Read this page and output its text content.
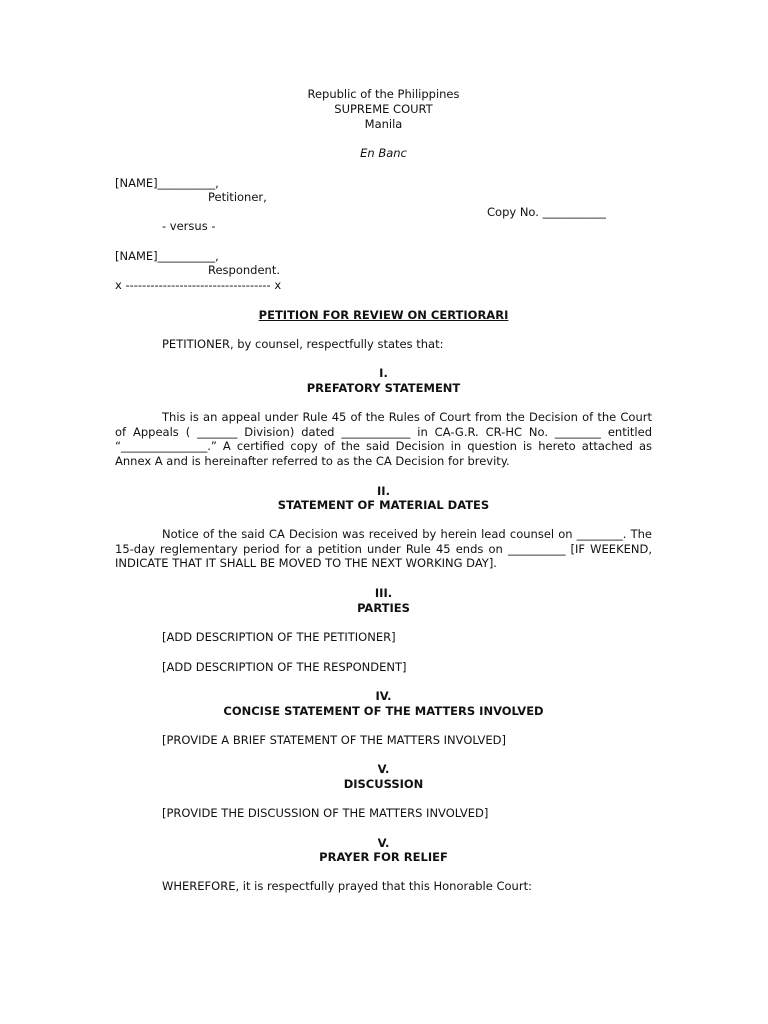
Republic of the Philippines
SUPREME COURT
Manila
En Banc
[NAME]__________,
Petitioner,
Copy No. ___________
- versus -
[NAME]__________,
Respondent.
x ----------------------------------- x
PETITION FOR REVIEW ON CERTIORARI
PETITIONER, by counsel, respectfully states that:
I.
PREFATORY STATEMENT

This is an appeal under Rule 45 of the Rules of Court from the Decision of the Court of Appeals ( _______ Division) dated ____________ in CA-G.R. CR-HC No. ________ entitled “_______________.” A certified copy of the said Decision in question is hereto attached as Annex A and is hereinafter referred to as the CA Decision for brevity.

II.
STATEMENT OF MATERIAL DATES

Notice of the said CA Decision was received by herein lead counsel on ________. The 15-day reglementary period for a petition under Rule 45 ends on __________ [IF WEEKEND, INDICATE THAT IT SHALL BE MOVED TO THE NEXT WORKING DAY].

III.
PARTIES
[ADD DESCRIPTION OF THE PETITIONER]
[ADD DESCRIPTION OF THE RESPONDENT]
IV.
CONCISE STATEMENT OF THE MATTERS INVOLVED
[PROVIDE A BRIEF STATEMENT OF THE MATTERS INVOLVED]
V.
DISCUSSION
[PROVIDE THE DISCUSSION OF THE MATTERS INVOLVED]
V.
PRAYER FOR RELIEF
WHEREFORE, it is respectfully prayed that this Honorable Court:
